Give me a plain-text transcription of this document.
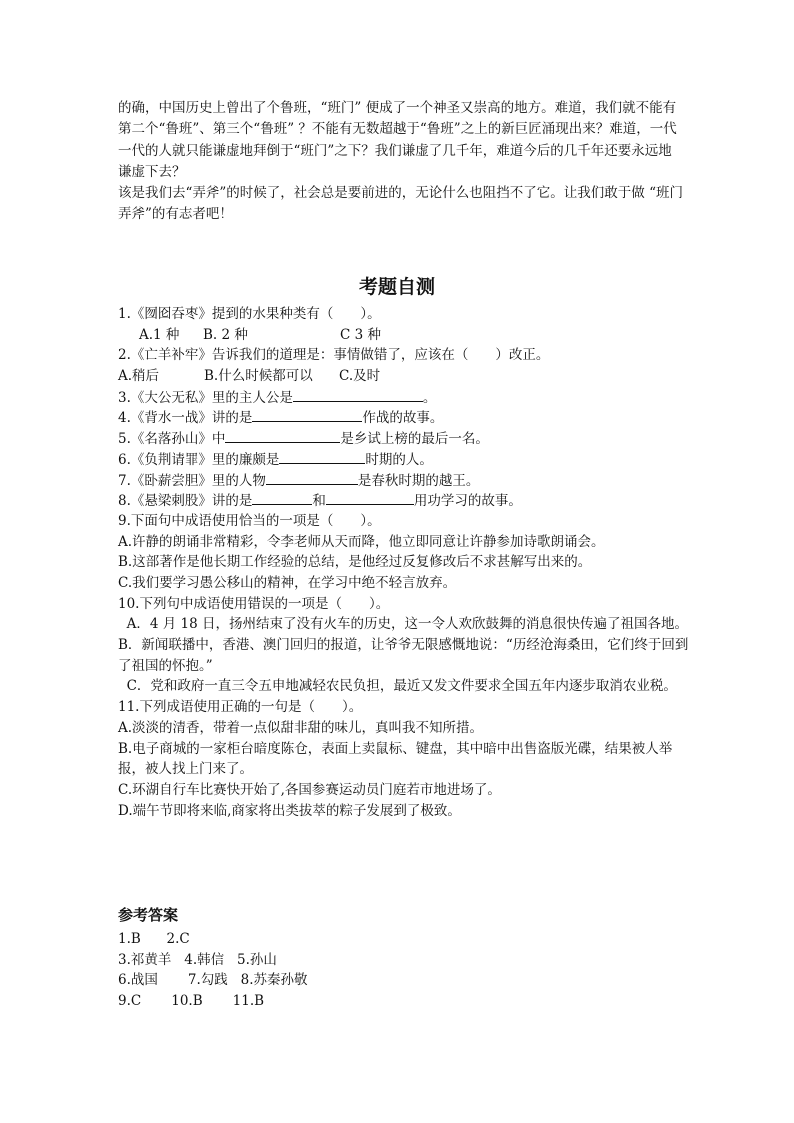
的确，中国历史上曾出了个鲁班，“班门” 便成了一个神圣又崇高的地方。难道，我们就不能有第二个“鲁班”、第三个“鲁班” ？不能有无数超越于“鲁班”之上的新巨匠涌现出来？难道，一代一代的人就只能谦虚地拜倒于“班门”之下？我们谦虚了几千年，难道今后的几千年还要永远地谦虚下去？

该是我们去“弄斧”的时候了，社会总是要前进的，无论什么也阻挡不了它。让我们敢于做 “班门弄斧”的有志者吧！

考题自测
1.《囫囵吞枣》提到的水果种类有（　　）。
A.1 种 B. 2 种	C 3 种
2.《亡羊补牢》告诉我们的道理是：事情做错了，应该在（　　）改正。
A.稍后	B.什么时候都可以 C.及时
3.《大公无私》里的主人公是	。
4.《背水一战》讲的是	作战的故事。
5.《名落孙山》中	是乡试上榜的最后一名。
6.《负荆请罪》里的廉颇是	时期的人。
7.《卧薪尝胆》里的人物	是春秋时期的越王。
8.《悬梁刺股》讲的是	和	用功学习的故事。
9.下面句中成语使用恰当的一项是（　　）。
A.许静的朗诵非常精彩，令李老师从天而降，他立即同意让许静参加诗歌朗诵会。
B.这部著作是他长期工作经验的总结，是他经过反复修改后不求甚解写出来的。
C.我们要学习愚公移山的精神，在学习中绝不轻言放弃。
10.下列句中成语使用错误的一项是（　　）。
A．4 月 18 日，扬州结束了没有火车的历史，这一令人欢欣鼓舞的消息很快传遍了祖国各地。
B．新闻联播中，香港、澳门回归的报道，让爷爷无限感慨地说：“历经沧海桑田，它们终于回到了祖国的怀抱。”
C．党和政府一直三令五申地减轻农民负担，最近又发文件要求全国五年内逐步取消农业税。
11.下列成语使用正确的一句是（　　）。
A.淡淡的清香，带着一点似甜非甜的味儿，真叫我不知所措。
B.电子商城的一家柜台暗度陈仓，表面上卖鼠标、键盘，其中暗中出售盗版光碟，结果被人举报，被人找上门来了。
C.环湖自行车比赛快开始了,各国参赛运动员门庭若市地进场了。
D.端午节即将来临,商家将出类拔萃的粽子发展到了极致。
参考答案
1.B      2.C
3.祁黄羊   4.韩信   5.孙山
6.战国       7.勾践   8.苏秦孙敬
9.C       10.B       11.B
